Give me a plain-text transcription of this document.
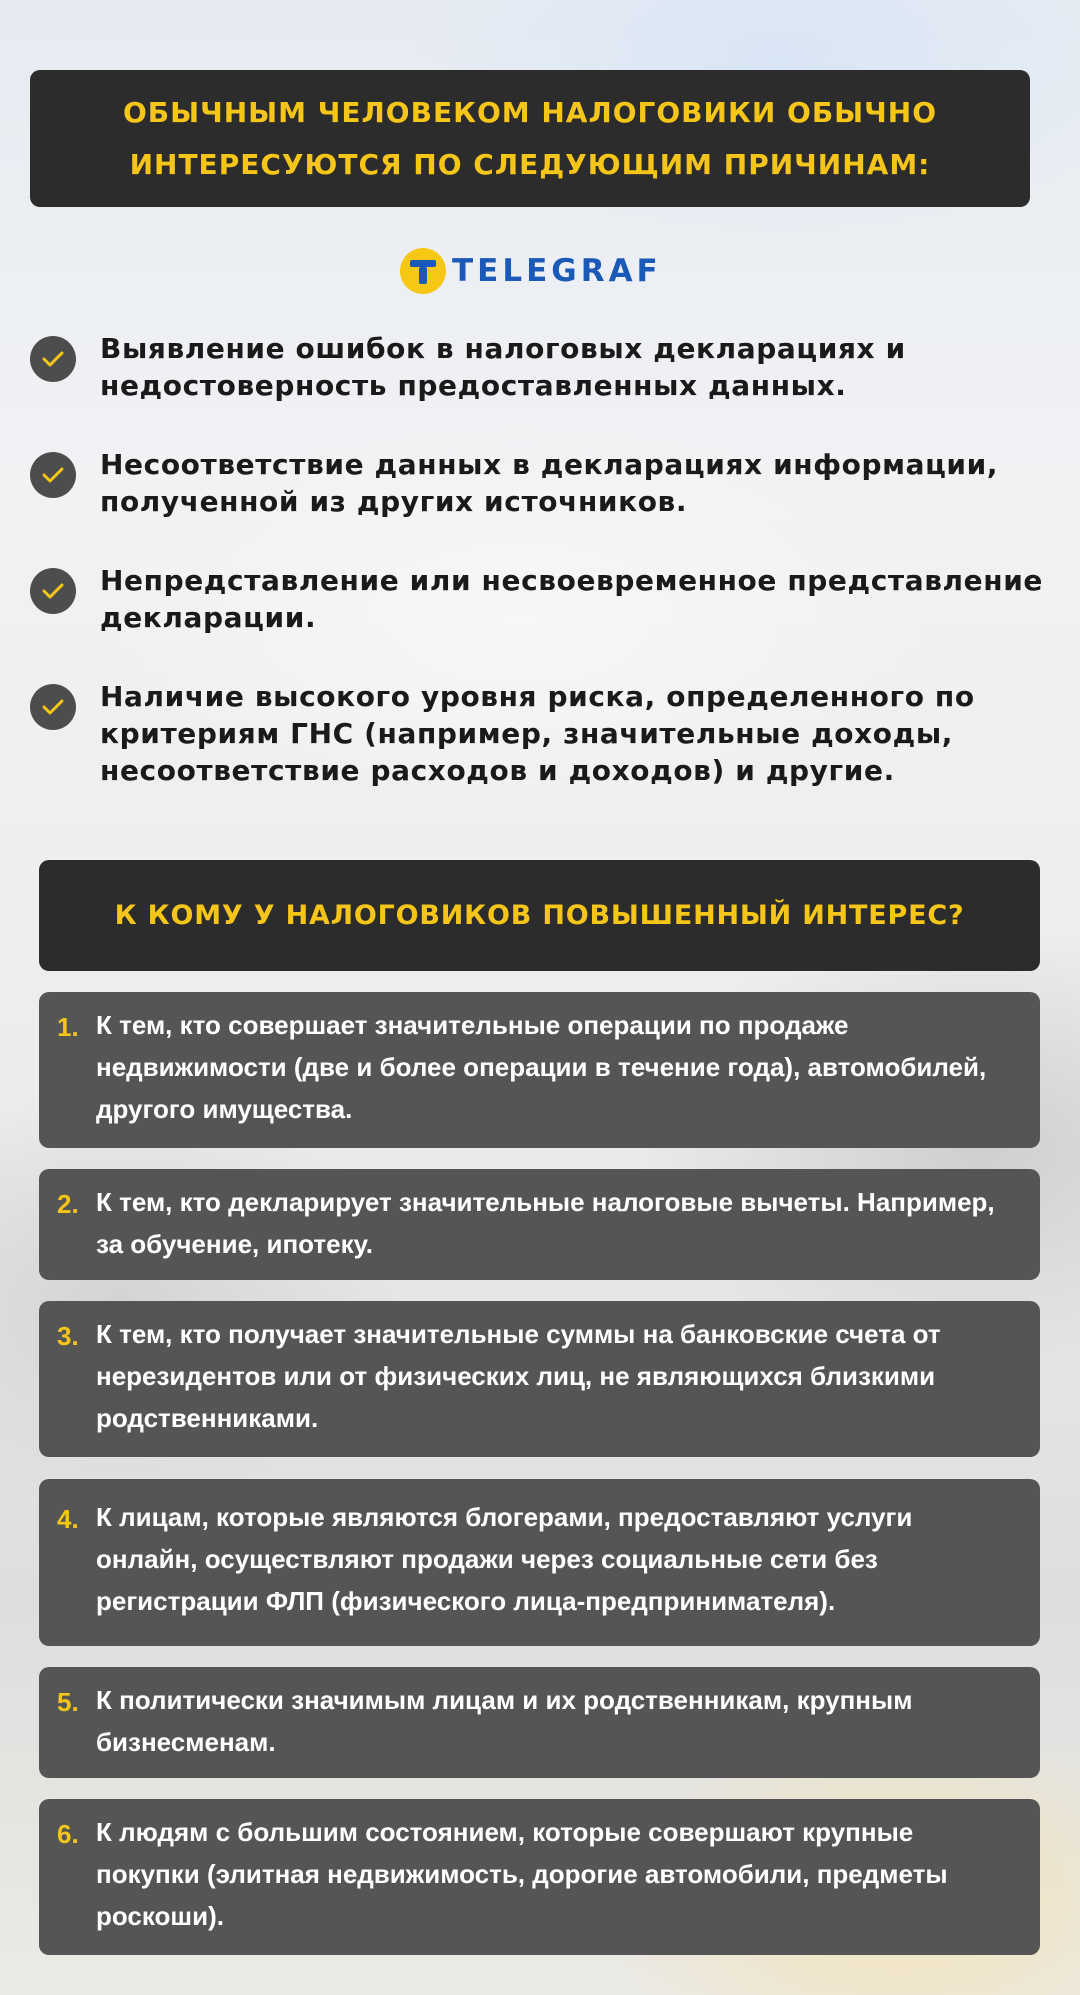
ОБЫЧНЫМ ЧЕЛОВЕКОМ НАЛОГОВИКИ ОБЫЧНО ИНТЕРЕСУЮТСЯ ПО СЛЕДУЮЩИМ ПРИЧИНАМ:
TELEGRAF
Выявление ошибок в налоговых декларациях и недостоверность предоставленных данных.
Несоответствие данных в декларациях информации, полученной из других источников.
Непредставление или несвоевременное представление декларации.
Наличие высокого уровня риска, определенного по критериям ГНС (например, значительные доходы, несоответствие расходов и доходов) и другие.
К КОМУ У НАЛОГОВИКОВ ПОВЫШЕННЫЙ ИНТЕРЕС?
1. К тем, кто совершает значительные операции по продаже недвижимости (две и более операции в течение года), автомобилей, другого имущества.
2. К тем, кто декларирует значительные налоговые вычеты. Например, за обучение, ипотеку.
3. К тем, кто получает значительные суммы на банковские счета от нерезидентов или от физических лиц, не являющихся близкими родственниками.
4. К лицам, которые являются блогерами, предоставляют услуги онлайн, осуществляют продажи через социальные сети без регистрации ФЛП (физического лица-предпринимателя).
5. К политически значимым лицам и их родственникам, крупным бизнесменам.
6. К людям с большим состоянием, которые совершают крупные покупки (элитная недвижимость, дорогие автомобили, предметы роскоши).
